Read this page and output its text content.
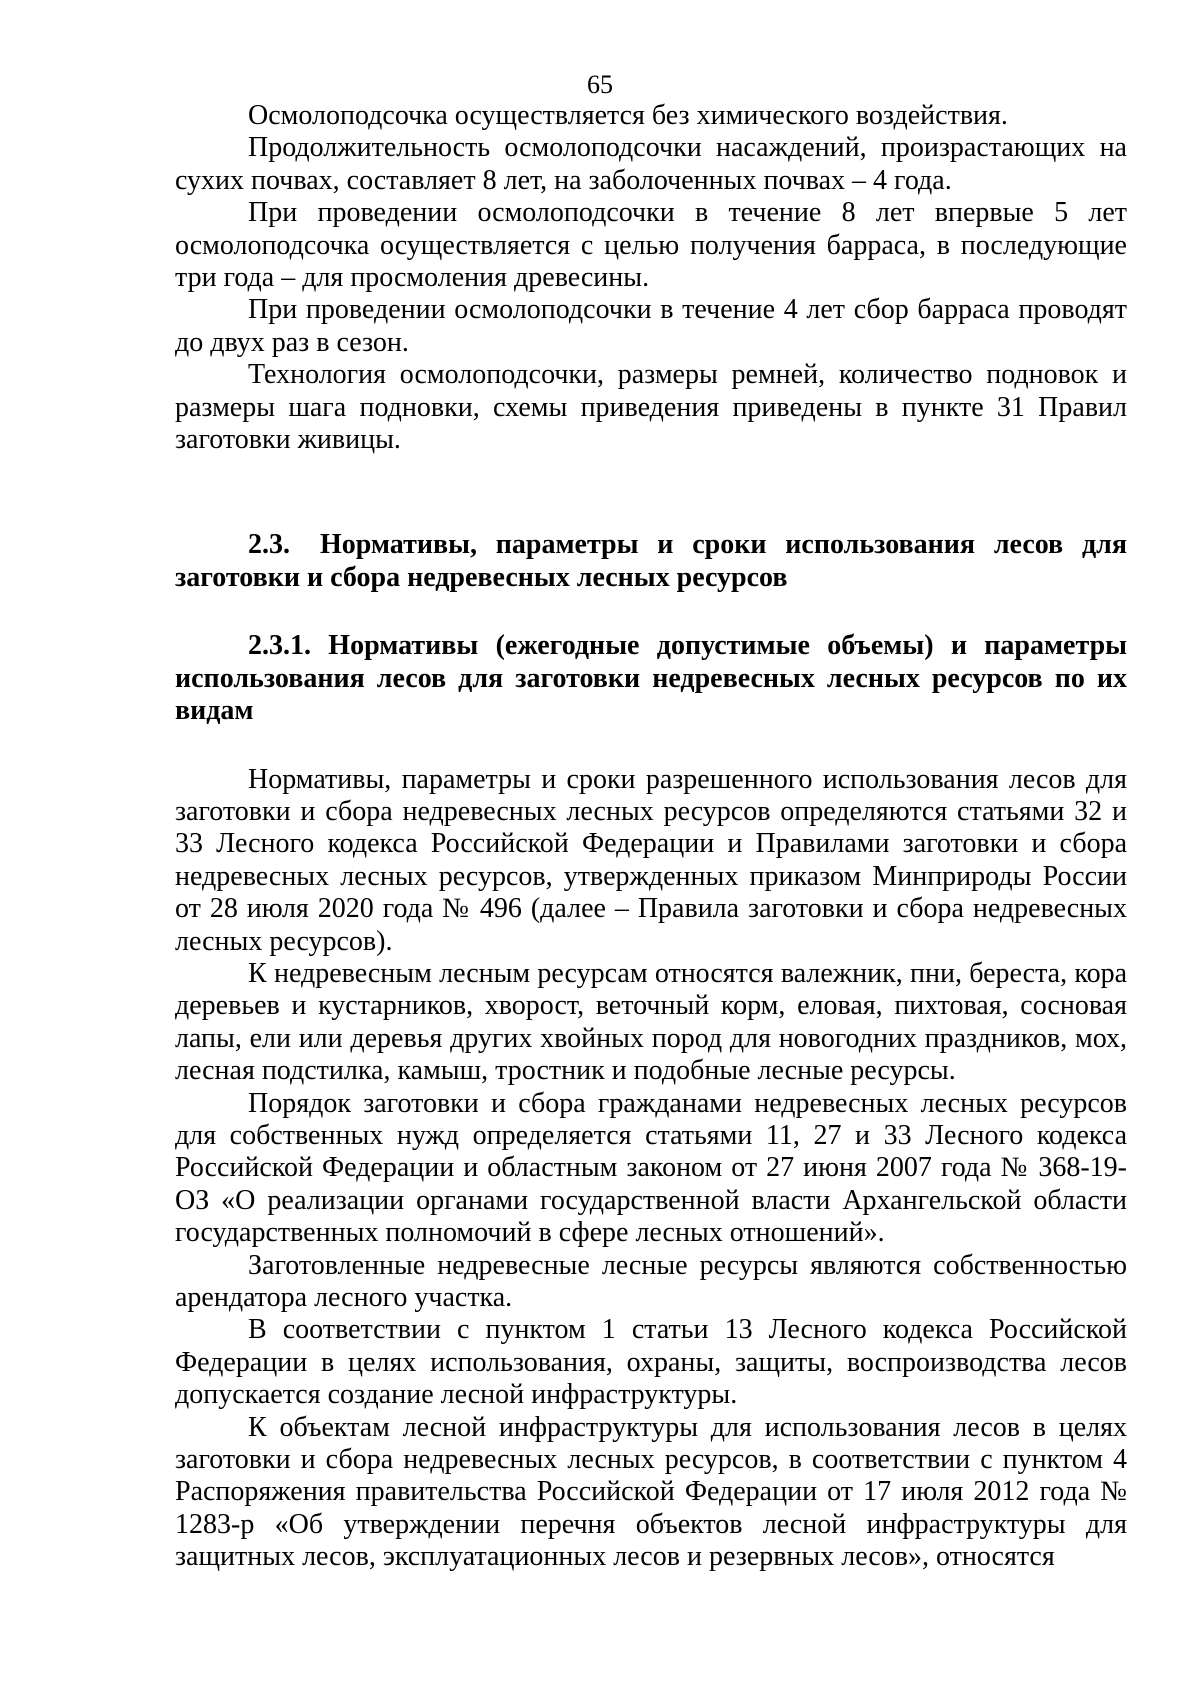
65

Осмолоподсочка осуществляется без химического воздействия.

Продолжительность осмолоподсочки насаждений, произрастающих на сухих почвах, составляет 8 лет, на заболоченных почвах – 4 года.

При проведении осмолоподсочки в течение 8 лет впервые 5 лет осмолоподсочка осуществляется с целью получения барраса, в последующие три года – для просмоления древесины.

При проведении осмолоподсочки в течение 4 лет сбор барраса проводят до двух раз в сезон.

Технология осмолоподсочки, размеры ремней, количество подновок и размеры шага подновки, схемы приведения приведены в пункте 31 Правил заготовки живицы.

2.3. Нормативы, параметры и сроки использования лесов для заготовки и сбора недревесных лесных ресурсов
2.3.1. Нормативы (ежегодные допустимые объемы) и параметры использования лесов для заготовки недревесных лесных ресурсов по их видам

Нормативы, параметры и сроки разрешенного использования лесов для заготовки и сбора недревесных лесных ресурсов определяются статьями 32 и 33 Лесного кодекса Российской Федерации и Правилами заготовки и сбора недревесных лесных ресурсов, утвержденных приказом Минприроды России от 28 июля 2020 года № 496 (далее – Правила заготовки и сбора недревесных лесных ресурсов).

К недревесным лесным ресурсам относятся валежник, пни, береста, кора деревьев и кустарников, хворост, веточный корм, еловая, пихтовая, сосновая лапы, ели или деревья других хвойных пород для новогодних праздников, мох, лесная подстилка, камыш, тростник и подобные лесные ресурсы.

Порядок заготовки и сбора гражданами недревесных лесных ресурсов для собственных нужд определяется статьями 11, 27 и 33 Лесного кодекса Российской Федерации и областным законом от 27 июня 2007 года № 368-19-ОЗ «О реализации органами государственной власти Архангельской области государственных полномочий в сфере лесных отношений».

Заготовленные недревесные лесные ресурсы являются собственностью арендатора лесного участка.

В соответствии с пунктом 1 статьи 13 Лесного кодекса Российской Федерации в целях использования, охраны, защиты, воспроизводства лесов допускается создание лесной инфраструктуры.

К объектам лесной инфраструктуры для использования лесов в целях заготовки и сбора недревесных лесных ресурсов, в соответствии с пунктом 4 Распоряжения правительства Российской Федерации от 17 июля 2012 года № 1283-р «Об утверждении перечня объектов лесной инфраструктуры для защитных лесов, эксплуатационных лесов и резервных лесов», относятся
